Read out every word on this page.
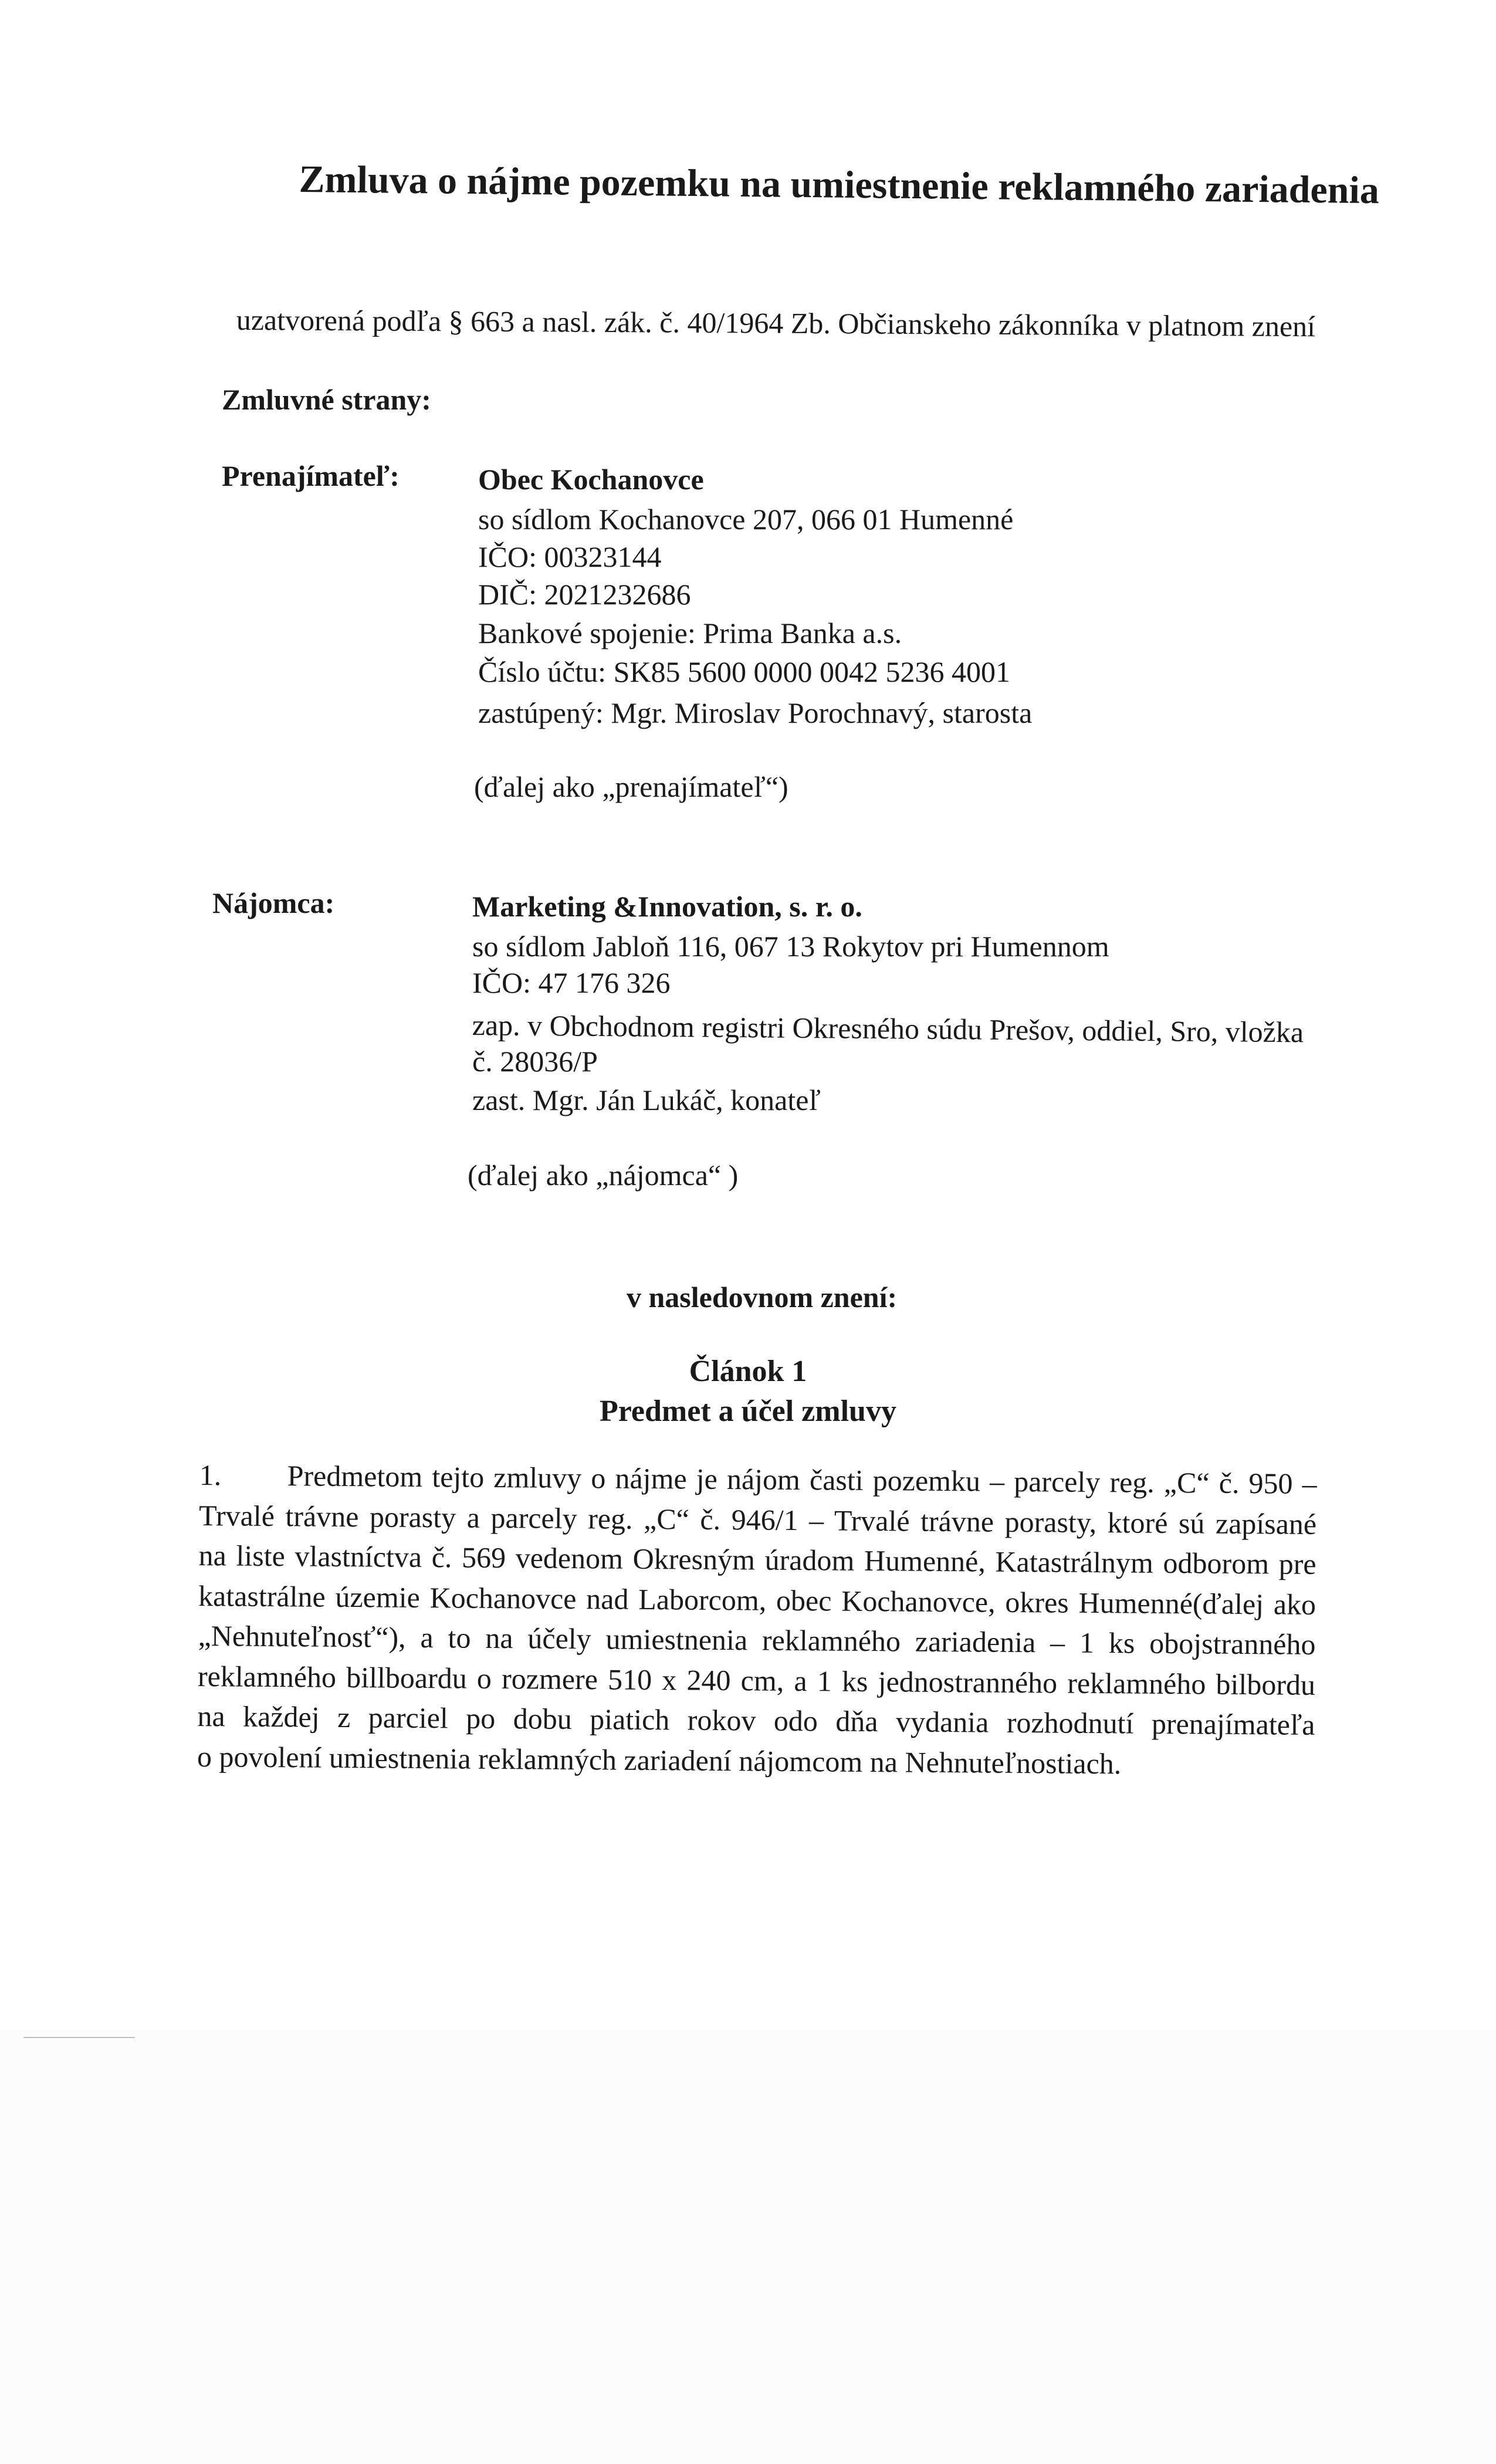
Zmluva o nájme pozemku na umiestnenie reklamného zariadenia
uzatvorená podľa § 663 a nasl. zák. č. 40/1964 Zb. Občianskeho zákonníka v platnom znení
Zmluvné strany:
Prenajímateľ:	Obec Kochanovce
so sídlom Kochanovce 207, 066 01 Humenné
IČO: 00323144
DIČ: 2021232686
Bankové spojenie: Prima Banka a.s.
Číslo účtu: SK85 5600 0000 0042 5236 4001
zastúpený: Mgr. Miroslav Porochnavý, starosta
(ďalej ako „prenajímateľ“)
Nájomca:	Marketing &Innovation, s. r. o.
so sídlom Jabloň 116, 067 13 Rokytov pri Humennom
IČO: 47 176 326
zap. v Obchodnom registri Okresného súdu Prešov, oddiel, Sro, vložka
č. 28036/P
zast. Mgr. Ján Lukáč, konateľ
(ďalej ako „nájomca“ )
v nasledovnom znení:
Článok 1
Predmet a účel zmluvy
1. Predmetom tejto zmluvy o nájme je nájom časti pozemku – parcely reg. „C“ č. 950 –
Trvalé trávne porasty a parcely reg. „C“ č. 946/1 – Trvalé trávne porasty, ktoré sú zapísané
na liste vlastníctva č. 569 vedenom Okresným úradom Humenné, Katastrálnym odborom pre
katastrálne územie Kochanovce nad Laborcom, obec Kochanovce, okres Humenné(ďalej ako
„Nehnuteľnosť“), a to na účely umiestnenia reklamného zariadenia – 1 ks obojstranného
reklamného billboardu o rozmere 510 x 240 cm, a 1 ks jednostranného reklamného bilbordu
na každej z parciel po dobu piatich rokov odo dňa vydania rozhodnutí prenajímateľa
o povolení umiestnenia reklamných zariadení nájomcom na Nehnuteľnostiach.
